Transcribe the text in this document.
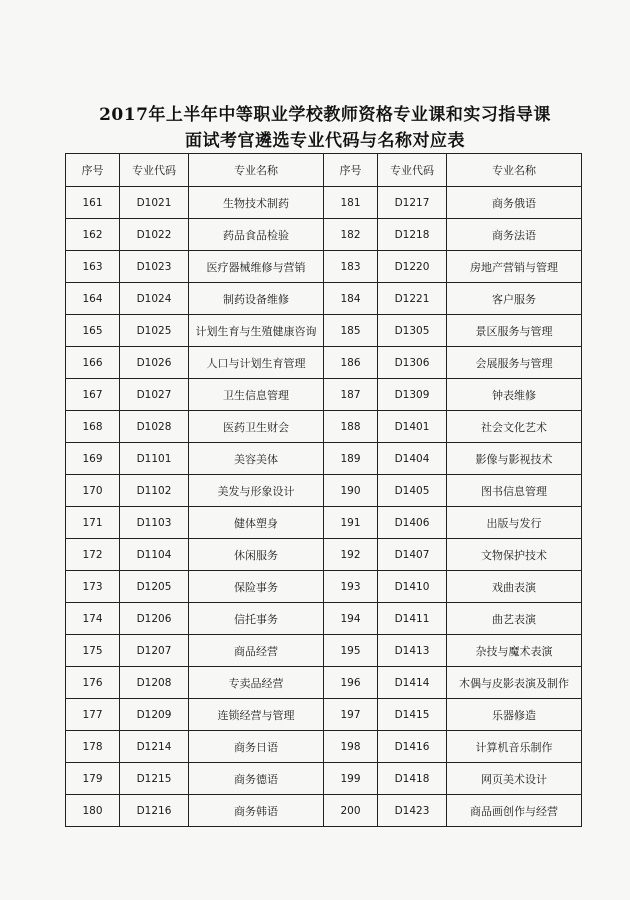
2017年上半年中等职业学校教师资格专业课和实习指导课
面试考官遴选专业代码与名称对应表
序号	专业代码	专业名称	序号	专业代码	专业名称
161	D1021	生物技术制药	181	D1217	商务俄语
162	D1022	药品食品检验	182	D1218	商务法语
163	D1023	医疗器械维修与营销	183	D1220	房地产营销与管理
164	D1024	制药设备维修	184	D1221	客户服务
165	D1025	计划生育与生殖健康咨询	185	D1305	景区服务与管理
166	D1026	人口与计划生育管理	186	D1306	会展服务与管理
167	D1027	卫生信息管理	187	D1309	钟表维修
168	D1028	医药卫生财会	188	D1401	社会文化艺术
169	D1101	美容美体	189	D1404	影像与影视技术
170	D1102	美发与形象设计	190	D1405	图书信息管理
171	D1103	健体塑身	191	D1406	出版与发行
172	D1104	休闲服务	192	D1407	文物保护技术
173	D1205	保险事务	193	D1410	戏曲表演
174	D1206	信托事务	194	D1411	曲艺表演
175	D1207	商品经营	195	D1413	杂技与魔术表演
176	D1208	专卖品经营	196	D1414	木偶与皮影表演及制作
177	D1209	连锁经营与管理	197	D1415	乐器修造
178	D1214	商务日语	198	D1416	计算机音乐制作
179	D1215	商务德语	199	D1418	网页美术设计
180	D1216	商务韩语	200	D1423	商品画创作与经营
